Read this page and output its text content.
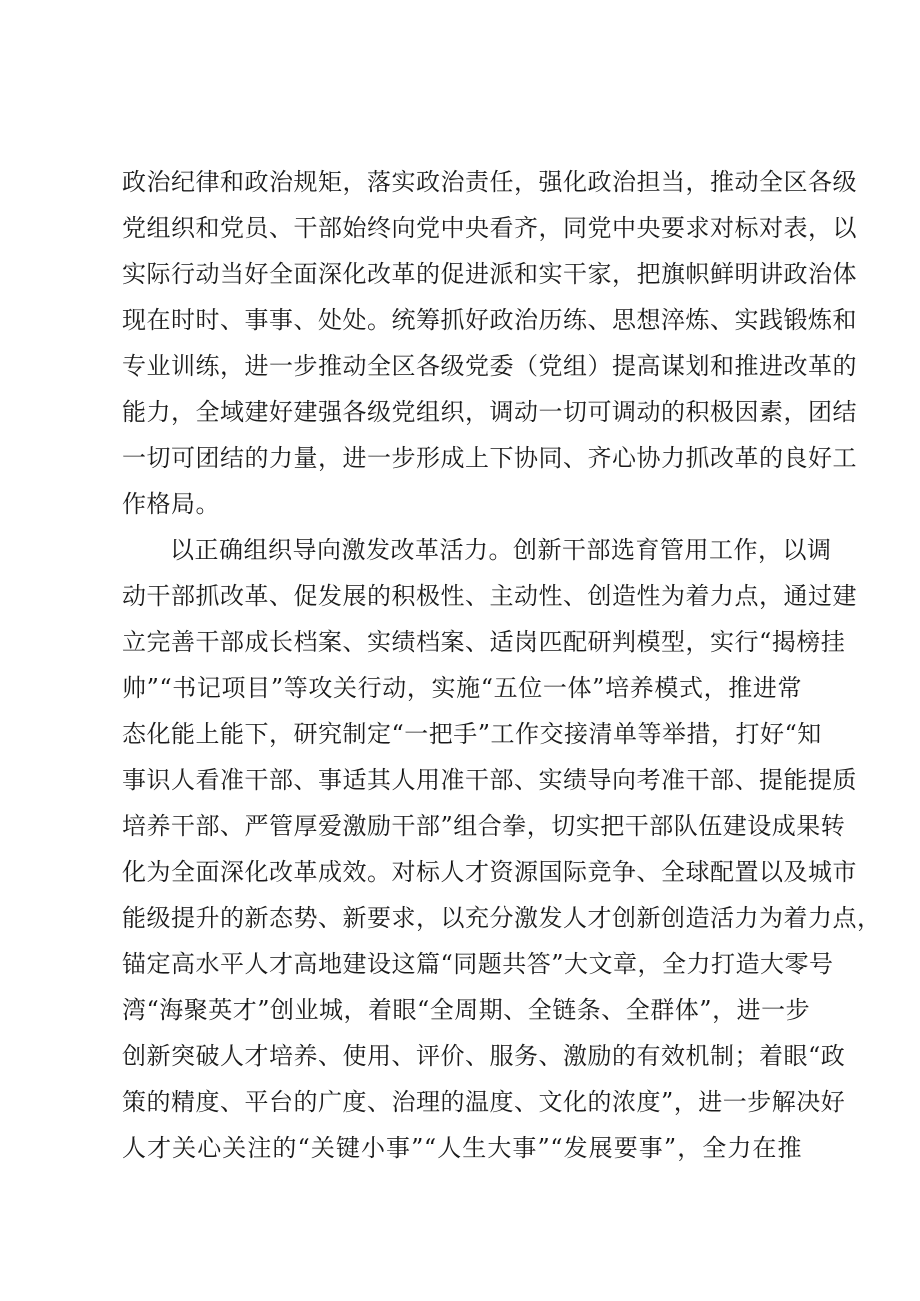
政治纪律和政治规矩，落实政治责任，强化政治担当，推动全区各级
党组织和党员、干部始终向党中央看齐，同党中央要求对标对表，以
实际行动当好全面深化改革的促进派和实干家，把旗帜鲜明讲政治体
现在时时、事事、处处。统筹抓好政治历练、思想淬炼、实践锻炼和
专业训练，进一步推动全区各级党委（党组）提高谋划和推进改革的
能力，全域建好建强各级党组织，调动一切可调动的积极因素，团结
一切可团结的力量，进一步形成上下协同、齐心协力抓改革的良好工
作格局。
以正确组织导向激发改革活力。创新干部选育管用工作，以调
动干部抓改革、促发展的积极性、主动性、创造性为着力点，通过建
立完善干部成长档案、实绩档案、适岗匹配研判模型，实行“揭榜挂
帅”“书记项目”等攻关行动，实施“五位一体”培养模式，推进常
态化能上能下，研究制定“一把手”工作交接清单等举措，打好“知
事识人看准干部、事适其人用准干部、实绩导向考准干部、提能提质
培养干部、严管厚爱激励干部”组合拳，切实把干部队伍建设成果转
化为全面深化改革成效。对标人才资源国际竞争、全球配置以及城市
能级提升的新态势、新要求，以充分激发人才创新创造活力为着力点，
锚定高水平人才高地建设这篇“同题共答”大文章，全力打造大零号
湾“海聚英才”创业城，着眼“全周期、全链条、全群体”，进一步
创新突破人才培养、使用、评价、服务、激励的有效机制；着眼“政
策的精度、平台的广度、治理的温度、文化的浓度”，进一步解决好
人才关心关注的“关键小事”“人生大事”“发展要事”，全力在推
